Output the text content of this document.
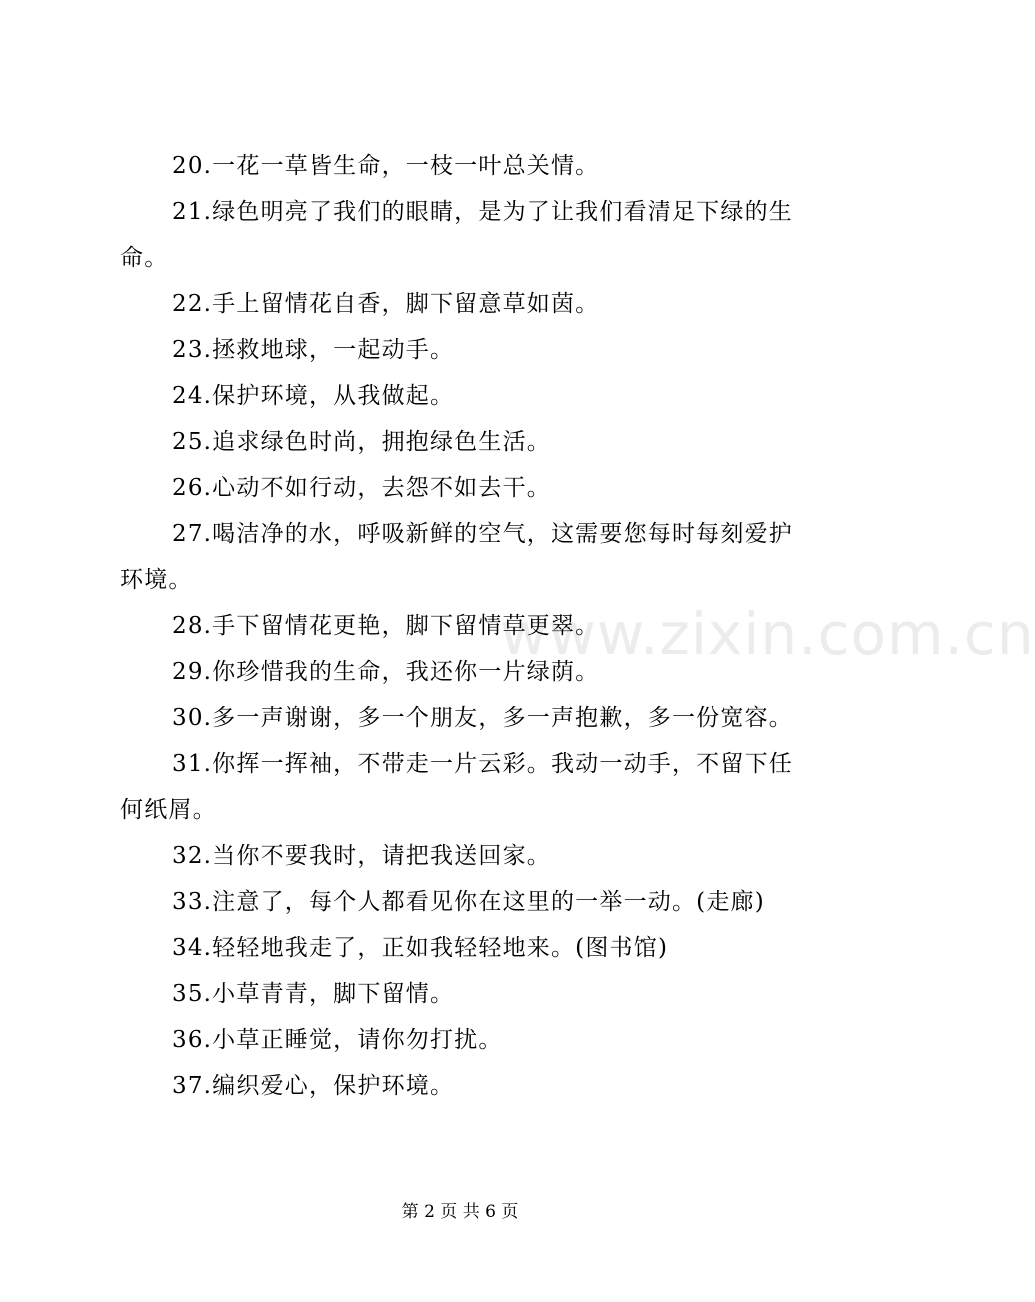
www.zixin.com.cn

20.一花一草皆生命，一枝一叶总关情。

21.绿色明亮了我们的眼睛，是为了让我们看清足下绿的生命。

22.手上留情花自香，脚下留意草如茵。

23.拯救地球，一起动手。

24.保护环境，从我做起。

25.追求绿色时尚，拥抱绿色生活。

26.心动不如行动，去怨不如去干。

27.喝洁净的水，呼吸新鲜的空气，这需要您每时每刻爱护环境。

28.手下留情花更艳，脚下留情草更翠。

29.你珍惜我的生命，我还你一片绿荫。

30.多一声谢谢，多一个朋友，多一声抱歉，多一份宽容。

31.你挥一挥袖，不带走一片云彩。我动一动手，不留下任何纸屑。

32.当你不要我时，请把我送回家。

33.注意了，每个人都看见你在这里的一举一动。(走廊)

34.轻轻地我走了，正如我轻轻地来。(图书馆)

35.小草青青，脚下留情。

36.小草正睡觉，请你勿打扰。

37.编织爱心，保护环境。

第 2 页 共 6 页
